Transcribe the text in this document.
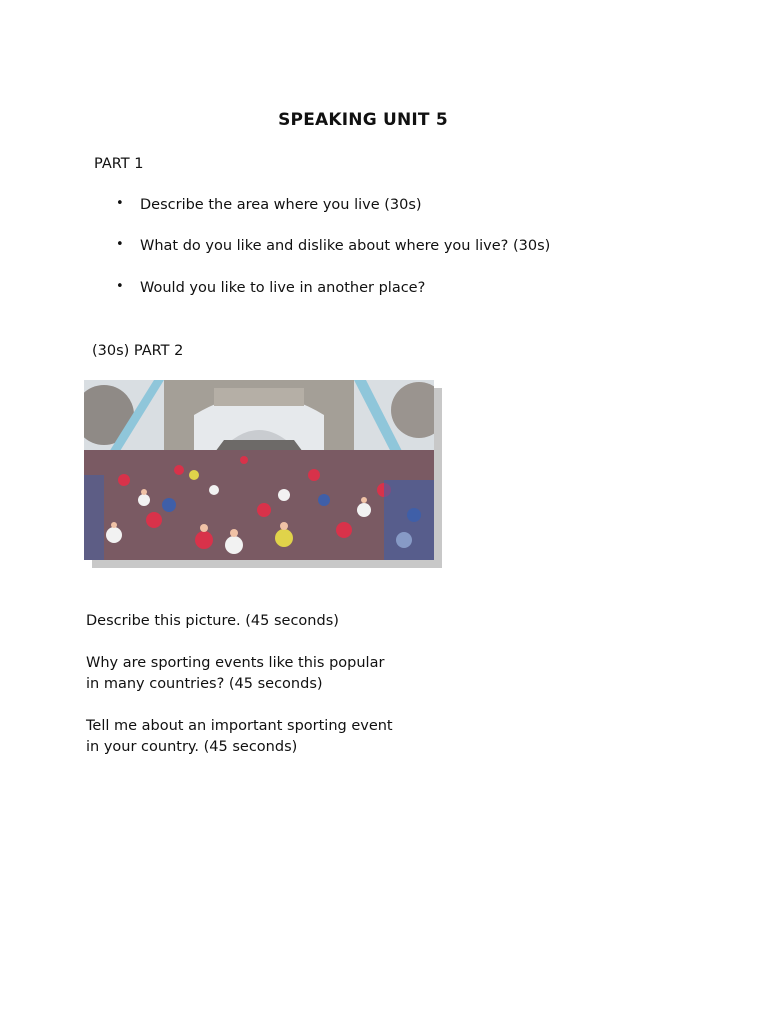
SPEAKING UNIT 5
PART 1
• Describe the area where you live (30s)
• What do you like and dislike about where you live? (30s)
• Would you like to live in another place?
(30s) PART 2
Describe this picture. (45 seconds)
Why are sporting events like this popular
in many countries? (45 seconds)
Tell me about an important sporting event
in your country. (45 seconds)
